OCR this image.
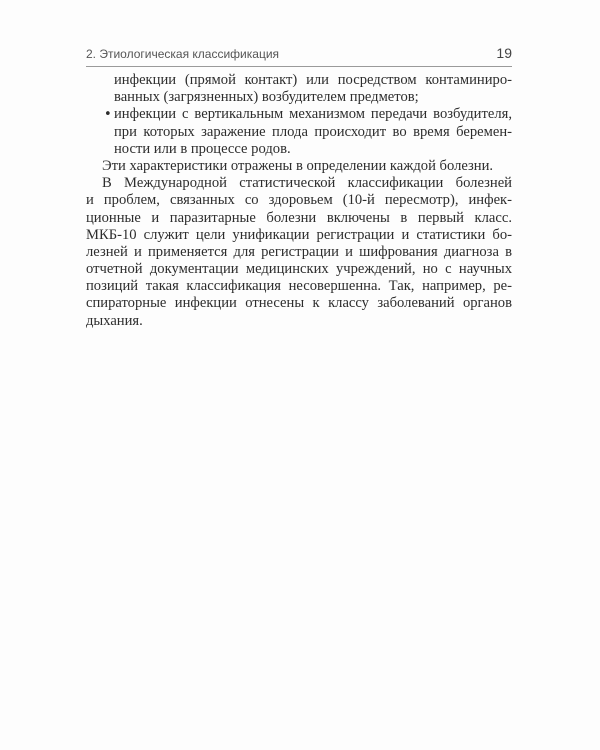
2. Этиологическая классификация	19
инфекции (прямой контакт) или посредством контаминиро-
ванных (загрязненных) возбудителем предметов;
• инфекции с вертикальным механизмом передачи возбудителя,
при которых заражение плода происходит во время беремен-
ности или в процессе родов.
Эти характеристики отражены в определении каждой болезни.
В Международной статистической классификации болезней
и проблем, связанных со здоровьем (10-й пересмотр), инфек-
ционные и паразитарные болезни включены в первый класс.
МКБ-10 служит цели унификации регистрации и статистики бо-
лезней и применяется для регистрации и шифрования диагноза в
отчетной документации медицинских учреждений, но с научных
позиций такая классификация несовершенна. Так, например, ре-
спираторные инфекции отнесены к классу заболеваний органов
дыхания.
